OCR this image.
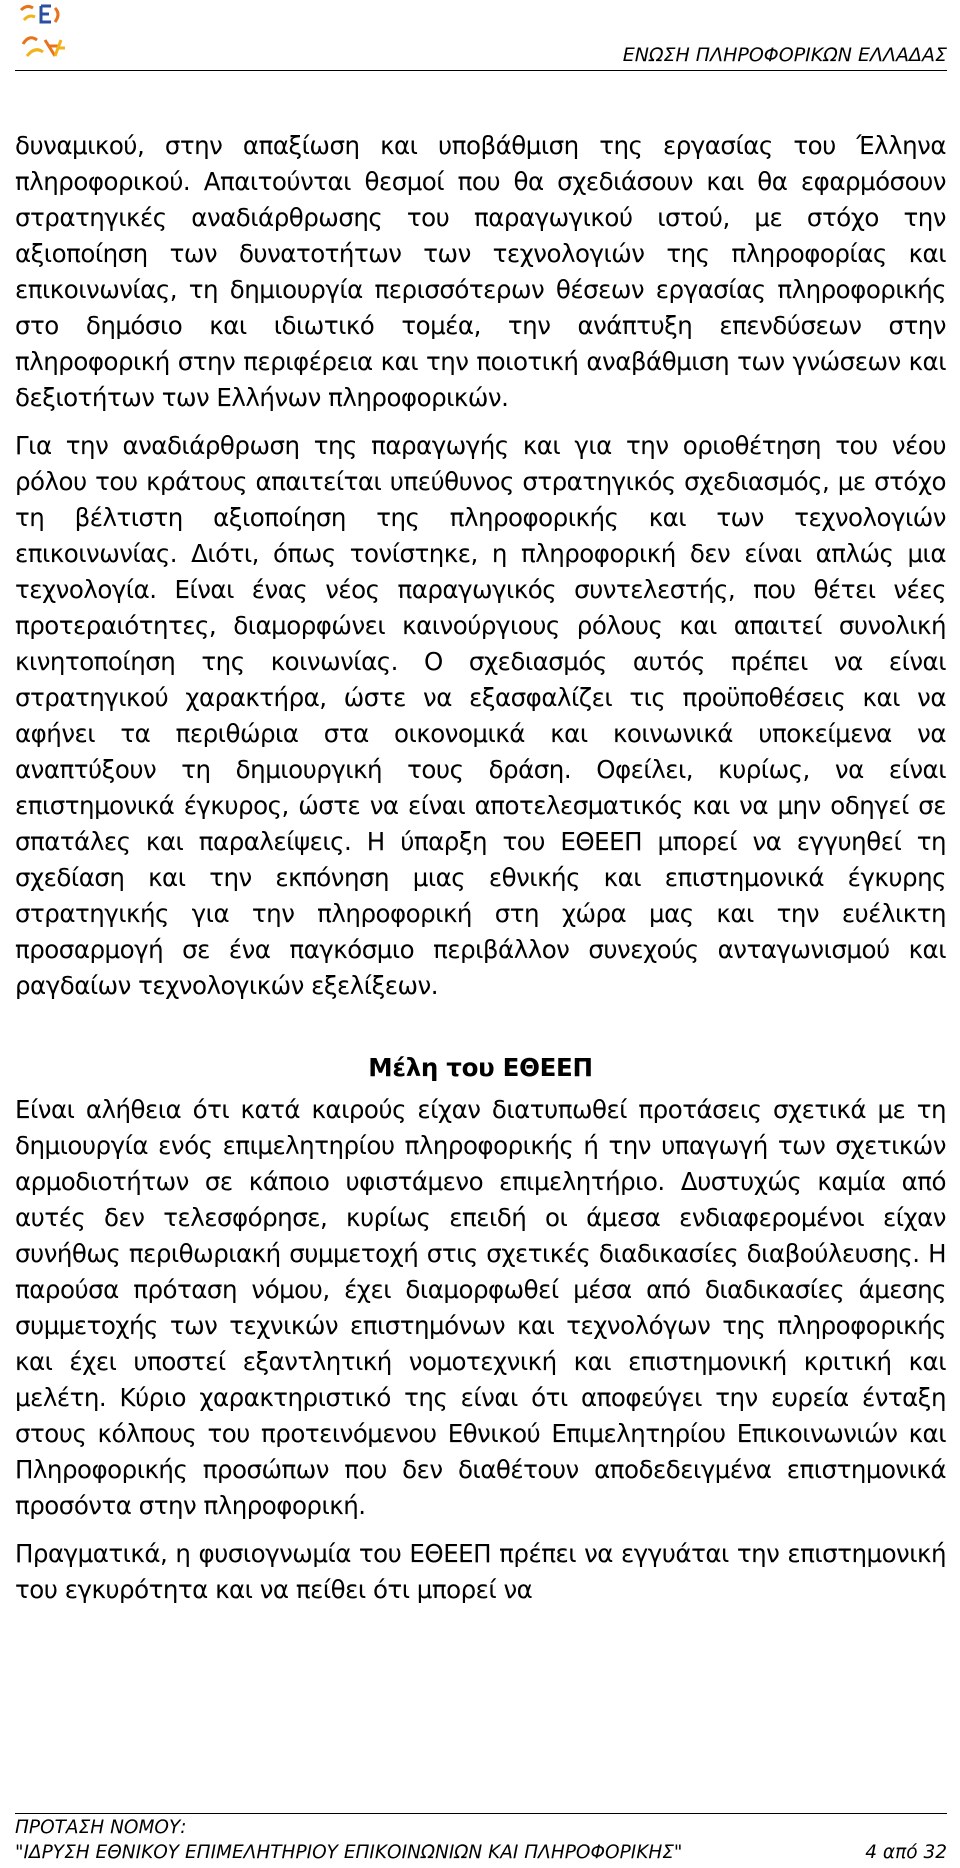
ΕΝΩΣΗ ΠΛΗΡΟΦΟΡΙΚΩΝ ΕΛΛΑΔΑΣ

δυναμικού, στην απαξίωση και υποβάθμιση της εργασίας του Έλληνα πληροφορικού. Απαιτούνται θεσμοί που θα σχεδιάσουν και θα εφαρμόσουν στρατηγικές αναδιάρθρωσης του παραγωγικού ιστού, με στόχο την αξιοποίηση των δυνατοτήτων των τεχνολογιών της πληροφορίας και επικοινωνίας, τη δημιουργία περισσότερων θέσεων εργασίας πληροφορικής στο δημόσιο και ιδιωτικό τομέα, την ανάπτυξη επενδύσεων στην πληροφορική στην περιφέρεια και την ποιοτική αναβάθμιση των γνώσεων και δεξιοτήτων των Ελλήνων πληροφορικών.

Για την αναδιάρθρωση της παραγωγής και για την οριοθέτηση του νέου ρόλου του κράτους απαιτείται υπεύθυνος στρατηγικός σχεδιασμός, με στόχο τη βέλτιστη αξιοποίηση της πληροφορικής και των τεχνολογιών επικοινωνίας. Διότι, όπως τονίστηκε, η πληροφορική δεν είναι απλώς μια τεχνολογία. Είναι ένας νέος παραγωγικός συντελεστής, που θέτει νέες προτεραιότητες, διαμορφώνει καινούργιους ρόλους και απαιτεί συνολική κινητοποίηση της κοινωνίας. Ο σχεδιασμός αυτός πρέπει να είναι στρατηγικού χαρακτήρα, ώστε να εξασφαλίζει τις προϋποθέσεις και να αφήνει τα περιθώρια στα οικονομικά και κοινωνικά υποκείμενα να αναπτύξουν τη δημιουργική τους δράση. Οφείλει, κυρίως, να είναι επιστημονικά έγκυρος, ώστε να είναι αποτελεσματικός και να μην οδηγεί σε σπατάλες και παραλείψεις. Η ύπαρξη του ΕΘΕΕΠ μπορεί να εγγυηθεί τη σχεδίαση και την εκπόνηση μιας εθνικής και επιστημονικά έγκυρης στρατηγικής για την πληροφορική στη χώρα μας και την ευέλικτη προσαρμογή σε ένα παγκόσμιο περιβάλλον συνεχούς ανταγωνισμού και ραγδαίων τεχνολογικών εξελίξεων.

Μέλη του ΕΘΕΕΠ

Είναι αλήθεια ότι κατά καιρούς είχαν διατυπωθεί προτάσεις σχετικά με τη δημιουργία ενός επιμελητηρίου πληροφορικής ή την υπαγωγή των σχετικών αρμοδιοτήτων σε κάποιο υφιστάμενο επιμελητήριο. Δυστυχώς καμία από αυτές δεν τελεσφόρησε, κυρίως επειδή οι άμεσα ενδιαφερομένοι είχαν συνήθως περιθωριακή συμμετοχή στις σχετικές διαδικασίες διαβούλευσης. Η παρούσα πρόταση νόμου, έχει διαμορφωθεί μέσα από διαδικασίες άμεσης συμμετοχής των τεχνικών επιστημόνων και τεχνολόγων της πληροφορικής και έχει υποστεί εξαντλητική νομοτεχνική και επιστημονική κριτική και μελέτη. Κύριο χαρακτηριστικό της είναι ότι αποφεύγει την ευρεία ένταξη στους κόλπους του προτεινόμενου Εθνικού Επιμελητηρίου Επικοινωνιών και Πληροφορικής προσώπων που δεν διαθέτουν αποδεδειγμένα επιστημονικά προσόντα στην πληροφορική.

Πραγματικά, η φυσιογνωμία του ΕΘΕΕΠ πρέπει να εγγυάται την επιστημονική του εγκυρότητα και να πείθει ότι μπορεί να

ΠΡΟΤΑΣΗ ΝΟΜΟΥ:
"ΙΔΡΥΣΗ ΕΘΝΙΚΟΥ ΕΠΙΜΕΛΗΤΗΡΙΟΥ ΕΠΙΚΟΙΝΩΝΙΩΝ ΚΑΙ ΠΛΗΡΟΦΟΡΙΚΗΣ"	4 από 32
